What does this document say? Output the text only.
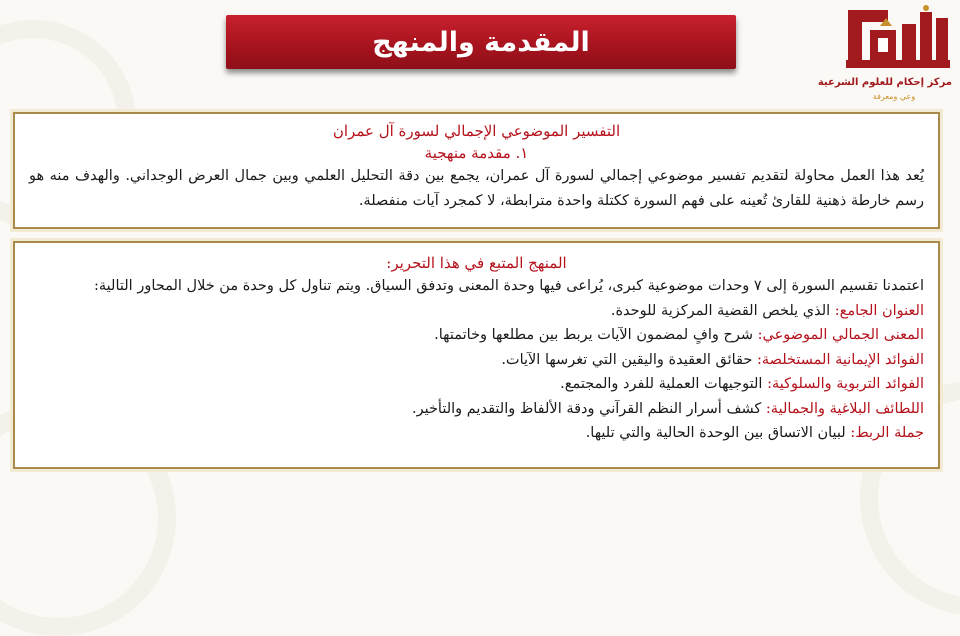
المقدمة والمنهج
مركز إحكام للعلوم الشرعية
وعي ومعرفة
التفسير الموضوعي الإجمالي لسورة آل عمران
١. مقدمة منهجية
يُعد هذا العمل محاولة لتقديم تفسير موضوعي إجمالي لسورة آل عمران، يجمع بين دقة التحليل العلمي وبين جمال العرض الوجداني. والهدف منه هو رسم خارطة ذهنية للقارئ تُعينه على فهم السورة ككتلة واحدة مترابطة، لا كمجرد آيات منفصلة.
المنهج المتبع في هذا التحرير:
اعتمدنا تقسيم السورة إلى ٧ وحدات موضوعية كبرى، يُراعى فيها وحدة المعنى وتدفق السياق. ويتم تناول كل وحدة من خلال المحاور التالية:
العنوان الجامع: الذي يلخص القضية المركزية للوحدة.
المعنى الجمالي الموضوعي: شرح وافٍ لمضمون الآيات يربط بين مطلعها وخاتمتها.
الفوائد الإيمانية المستخلصة: حقائق العقيدة واليقين التي تغرسها الآيات.
الفوائد التربوية والسلوكية: التوجيهات العملية للفرد والمجتمع.
اللطائف البلاغية والجمالية: كشف أسرار النظم القرآني ودقة الألفاظ والتقديم والتأخير.
جملة الربط: لبيان الاتساق بين الوحدة الحالية والتي تليها.
